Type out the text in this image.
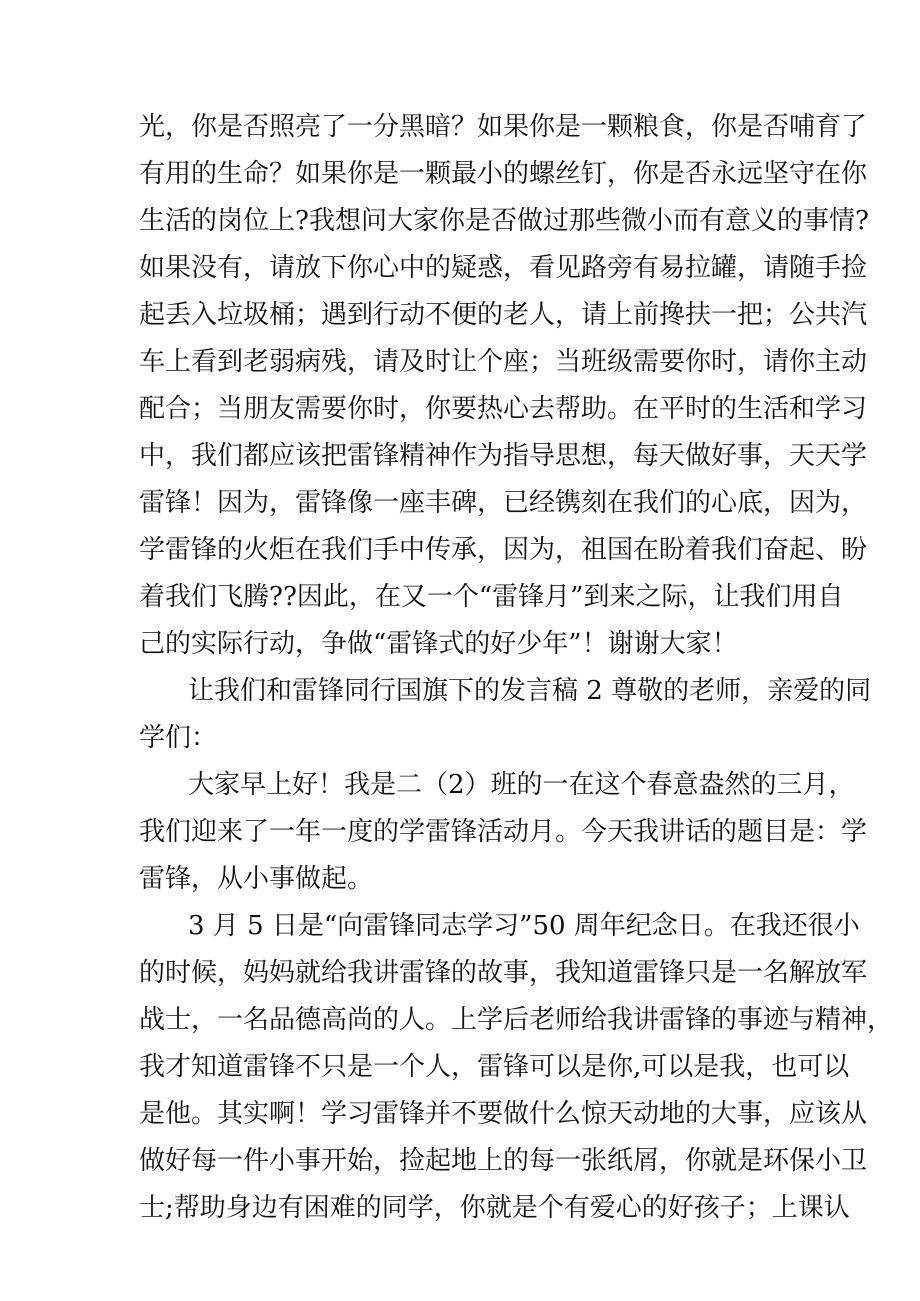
光，你是否照亮了一分黑暗？如果你是一颗粮食，你是否哺育了
有用的生命？如果你是一颗最小的螺丝钉，你是否永远坚守在你
生活的岗位上?我想问大家你是否做过那些微小而有意义的事情?
如果没有，请放下你心中的疑惑，看见路旁有易拉罐，请随手捡
起丢入垃圾桶；遇到行动不便的老人，请上前搀扶一把；公共汽
车上看到老弱病残，请及时让个座；当班级需要你时，请你主动
配合；当朋友需要你时，你要热心去帮助。在平时的生活和学习
中，我们都应该把雷锋精神作为指导思想，每天做好事，天天学
雷锋！因为，雷锋像一座丰碑，已经镌刻在我们的心底，因为，
学雷锋的火炬在我们手中传承，因为，祖国在盼着我们奋起、盼
着我们飞腾??因此，在又一个“雷锋月”到来之际，让我们用自
己的实际行动，争做“雷锋式的好少年”！谢谢大家！
让我们和雷锋同行国旗下的发言稿 2 尊敬的老师，亲爱的同
学们：
大家早上好！我是二（2）班的一在这个春意盎然的三月，
我们迎来了一年一度的学雷锋活动月。今天我讲话的题目是：学
雷锋，从小事做起。
3 月 5 日是“向雷锋同志学习”50 周年纪念日。在我还很小
的时候，妈妈就给我讲雷锋的故事，我知道雷锋只是一名解放军
战士，一名品德高尚的人。上学后老师给我讲雷锋的事迹与精神，
我才知道雷锋不只是一个人，雷锋可以是你,可以是我，也可以
是他。其实啊！学习雷锋并不要做什么惊天动地的大事，应该从
做好每一件小事开始，捡起地上的每一张纸屑，你就是环保小卫
士;帮助身边有困难的同学，你就是个有爱心的好孩子；上课认
